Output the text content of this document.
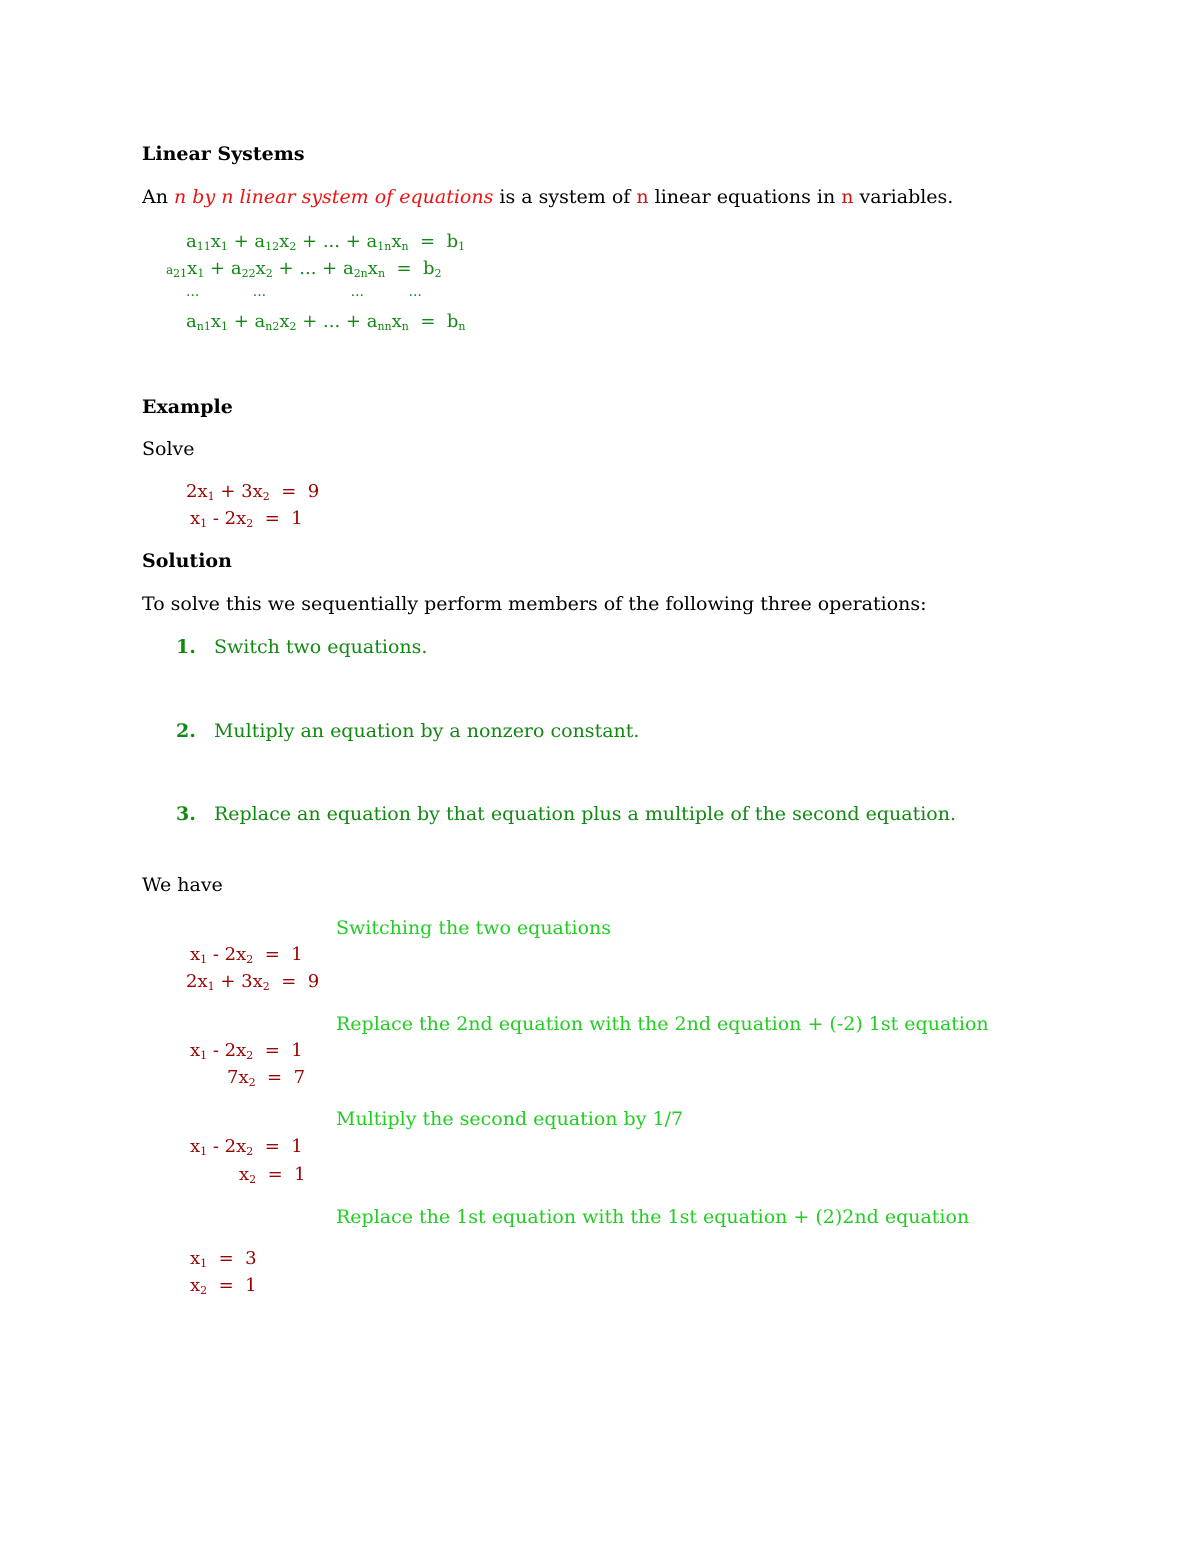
Linear Systems
An n by n linear system of equations is a system of n linear equations in n variables.
$a_{11}x_1 + a_{12}x_2$ + ... + $a_{1n}x_n = b_1$
$a_{21}x_1 + a_{22}x_2$ + ... + $a_{2n}x_n = b_2$
...            ...                   ...          ...
$a_{n1}x_1 + a_{n2}x_2$ + ... + $a_{nn}x_n = b_n$
Example
Solve
$2x_1 + 3x_2 = 9$
$x_1 - 2x_2 = 1$
Solution
To solve this we sequentially perform members of the following three operations:
1. Switch two equations.
2. Multiply an equation by a nonzero constant.
3. Replace an equation by that equation plus a multiple of the second equation.
We have
Switching the two equations
$x_1 - 2x_2 = 1$
$2x_1 + 3x_2 = 9$
Replace the 2nd equation with the 2nd equation + (-2) 1st equation
$x_1 - 2x_2 = 1$
$7x_2 = 7$
Multiply the second equation by 1/7
$x_1 - 2x_2 = 1$
$x_2 = 1$
Replace the 1st equation with the 1st equation + (2)2nd equation
$x_1 = 3$
$x_2 = 1$
